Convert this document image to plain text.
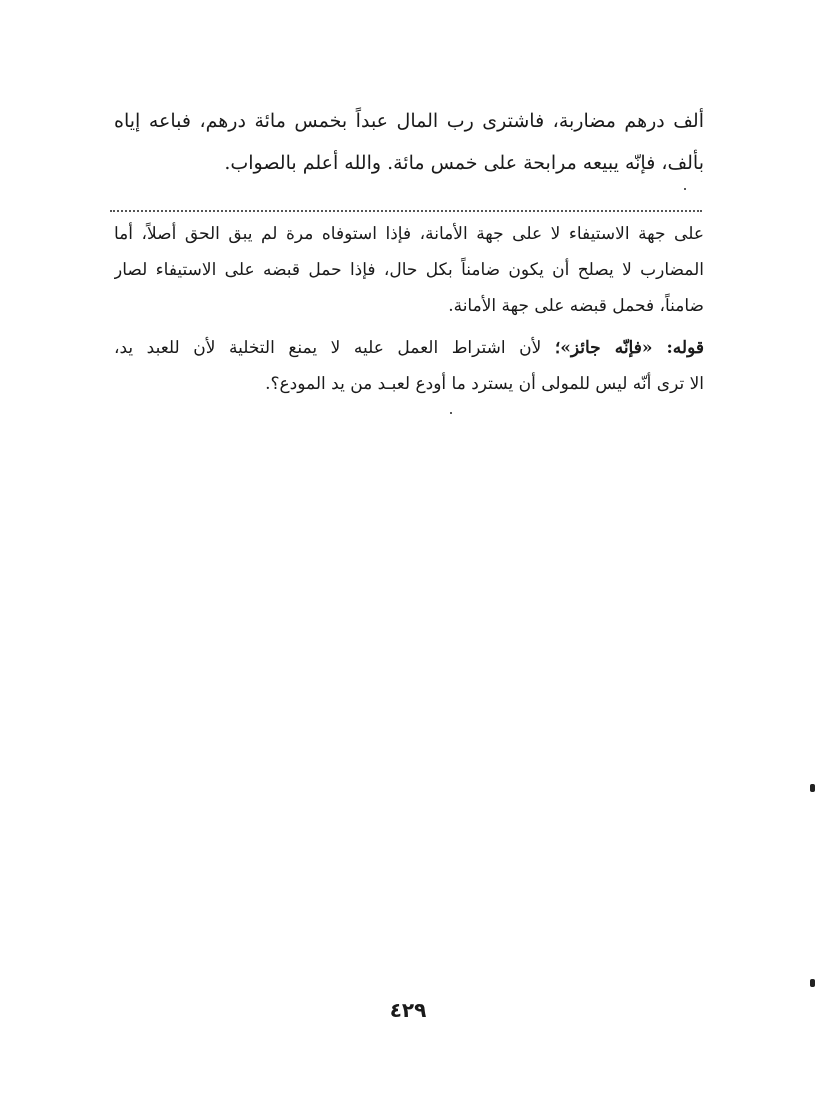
ألف درهم مضاربة، فاشترى رب المال عبداً بخمس مائة درهم، فباعه إياه
بألف، فإنّه يبيعه مرابحة على خمس مائة. والله أعلم بالصواب.
على جهة الاستيفاء لا على جهة الأمانة، فإذا استوفاه مرة لم يبق الحق أصلاً، أما
المضارب لا يصلح أن يكون ضامناً بكل حال، فإذا حمل قبضه على الاستيفاء لصار
ضامناً، فحمل قبضه على جهة الأمانة.
قوله: «فإنّه جائز»؛ لأن اشتراط العمل عليه لا يمنع التخلية لأن للعبد يد،
الا ترى أنّه ليس للمولى أن يسترد ما أودع لعبـد من يد المودع؟.
٤٢٩
